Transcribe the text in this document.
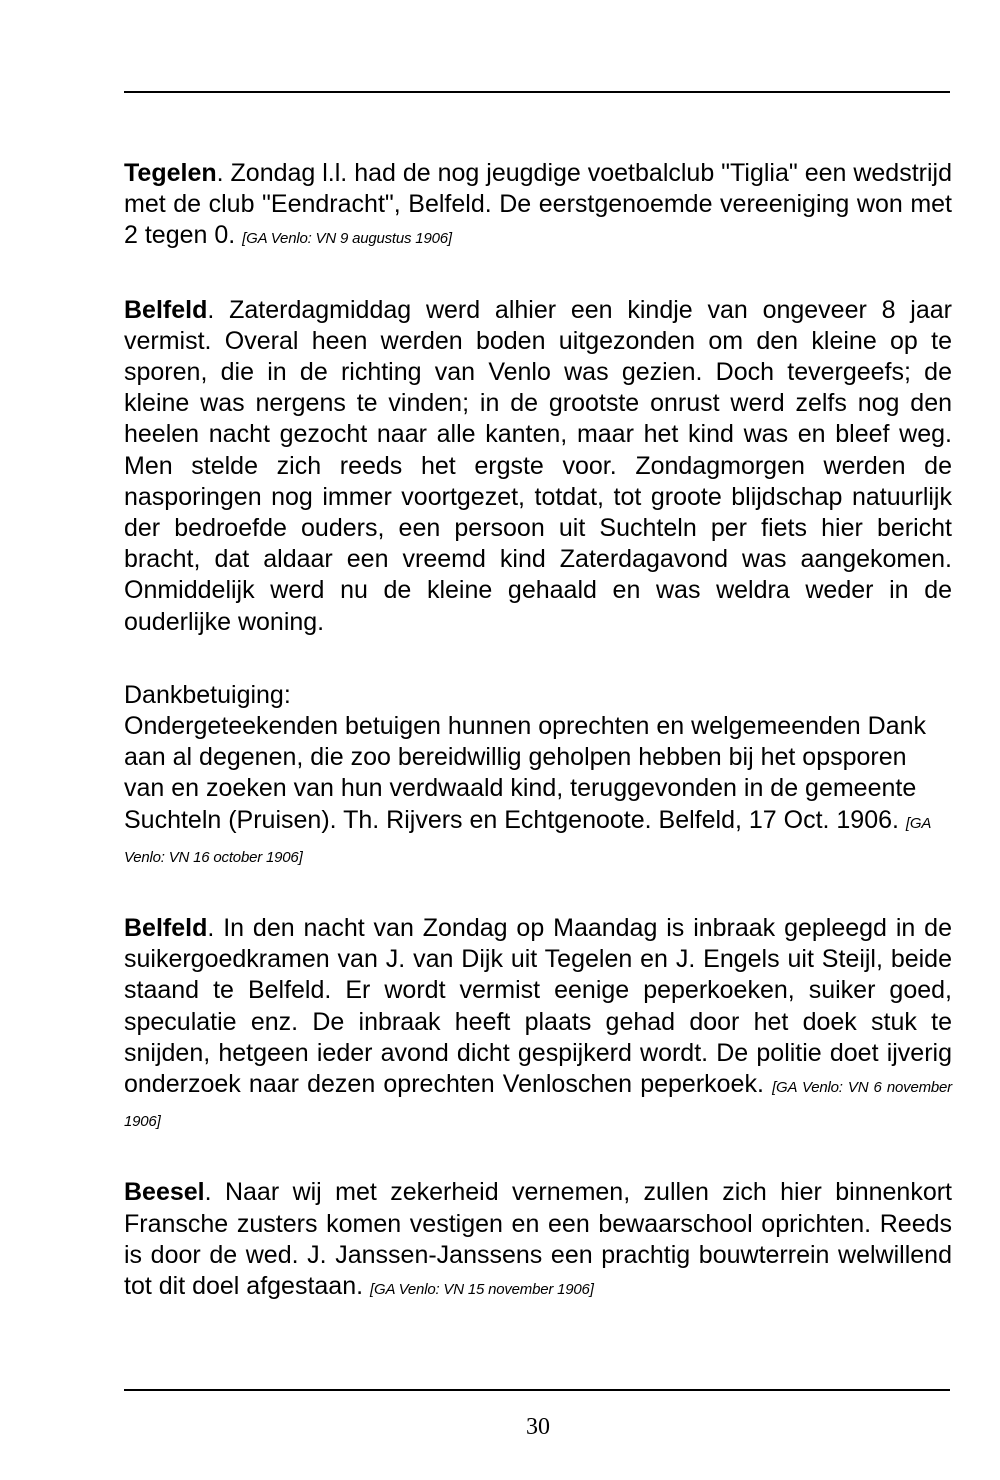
Tegelen. Zondag l.l. had de nog jeugdige voetbalclub "Tiglia" een wedstrijd met de club "Eendracht", Belfeld. De eerstgenoemde vereeniging won met 2 tegen 0. [GA Venlo: VN 9 augustus 1906]

Belfeld. Zaterdagmiddag werd alhier een kindje van ongeveer 8 jaar vermist. Overal heen werden boden uitgezonden om den kleine op te sporen, die in de richting van Venlo was gezien. Doch tevergeefs; de kleine was nergens te vinden; in de grootste onrust werd zelfs nog den heelen nacht gezocht naar alle kanten, maar het kind was en bleef weg. Men stelde zich reeds het ergste voor. Zondagmorgen werden de nasporingen nog immer voortgezet, totdat, tot groote blijdschap natuurlijk der bedroefde ouders, een persoon uit Suchteln per fiets hier bericht bracht, dat aldaar een vreemd kind Zaterdagavond was aangekomen. Onmiddelijk werd nu de kleine gehaald en was weldra weder in de ouderlijke woning.

Dankbetuiging:
Ondergeteekenden betuigen hunnen oprechten en welgemeenden Dank aan al degenen, die zoo bereidwillig geholpen hebben bij het opsporen van en zoeken van hun verdwaald kind, teruggevonden in de gemeente Suchteln (Pruisen). Th. Rijvers en Echtgenoote. Belfeld, 17 Oct. 1906. [GA Venlo: VN 16 october 1906]

Belfeld. In den nacht van Zondag op Maandag is inbraak gepleegd in de suikergoedkramen van J. van Dijk uit Tegelen en J. Engels uit Steijl, beide staand te Belfeld. Er wordt vermist eenige peperkoeken, suiker goed, speculatie enz. De inbraak heeft plaats gehad door het doek stuk te snijden, hetgeen ieder avond dicht gespijkerd wordt. De politie doet ijverig onderzoek naar dezen oprechten Venloschen peperkoek. [GA Venlo: VN 6 november 1906]

Beesel. Naar wij met zekerheid vernemen, zullen zich hier binnenkort Fransche zusters komen vestigen en een bewaarschool oprichten. Reeds is door de wed. J. Janssen-Janssens een prachtig bouwterrein welwillend tot dit doel afgestaan. [GA Venlo: VN 15 november 1906]

30
